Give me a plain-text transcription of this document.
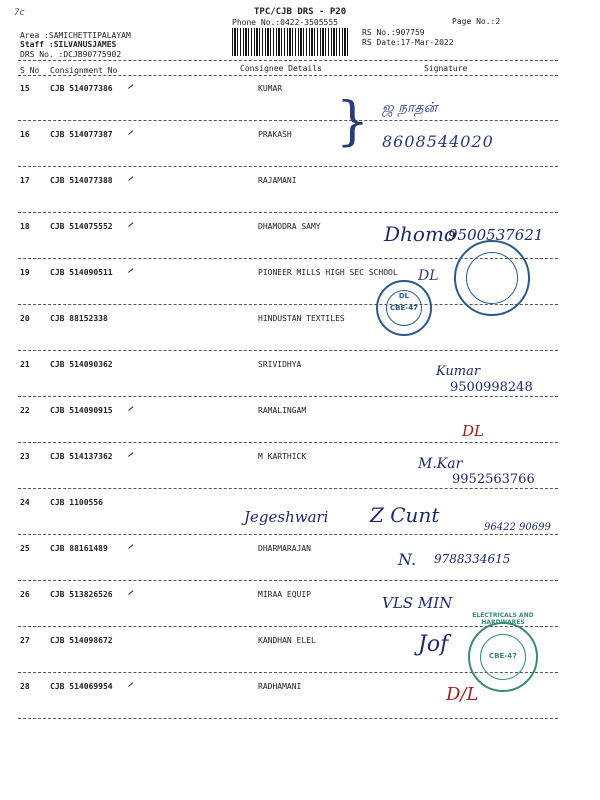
7c	TPC/CJB DRS - P20
Phone No.:0422-3505555	Page No.:2
Area :SAMICHETTIPALAYAM
Staff :SILVANUSJAMES
DRS No. :DCJB90775902
RS No.:907759
RS Date:17-Mar-2022
S No Consignment No	Consignee Details	Signature
15	CJB 514077386	KUMAR
16	CJB 514077387	PRAKASH
17	CJB 514077388	RAJAMANI
18	CJB 514075552	DHAMODRA SAMY
19	CJB 514090511	PIONEER MILLS HIGH SEC SCHOOL
20	CJB 88152338	HINDUSTAN TEXTILES
21	CJB 514090362	SRIVIDHYA
22	CJB 514090915	RAMALINGAM
23	CJB 514137362	M KARTHICK
24	CJB 1100556
25	CJB 88161489	DHARMARAJAN
26	CJB 513826526	MIRAA EQUIP
27	CJB 514098672	KANDHAN ELEL
28	CJB 514069954	RADHAMANI
ஜ நாதன்
} 8608544020
9500537621
Dhomo
DL
Kumar
9500998248
DL
M.Kar
9952563766
Jegeshwari Z Cunt
96422 90699
N. 9788334615
VLS MIN
Jof
D/L
DL
CBE-47
ELECTRICALS AND HARDWARES
CBE-47
